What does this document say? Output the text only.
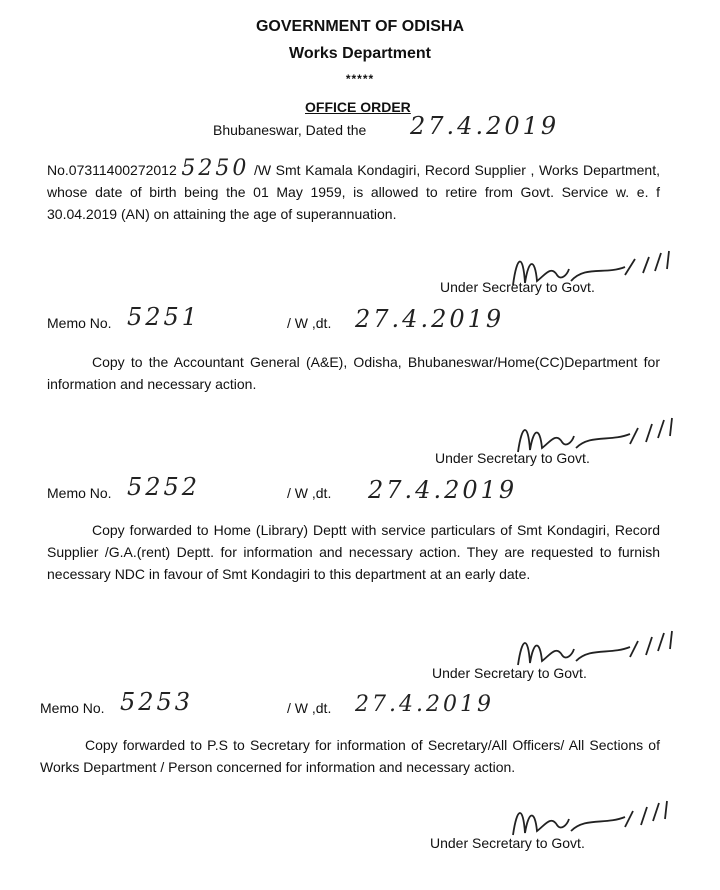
GOVERNMENT OF ODISHA
Works Department
*****
OFFICE ORDER
Bhubaneswar, Dated the 27.4.2019
No.07311400272012 5250 /W Smt Kamala Kondagiri, Record Supplier , Works Department, whose date of birth being the 01 May 1959, is allowed to retire from Govt. Service w. e. f 30.04.2019 (AN) on attaining the age of superannuation.
Under Secretary to Govt.
Memo No. 5251	/ W ,dt. 27.4.2019
Copy to the Accountant General (A&E), Odisha, Bhubaneswar/Home(CC)Department for information and necessary action.
Under Secretary to Govt.
Memo No. 5252	/ W ,dt. 27.4.2019
Copy forwarded to Home (Library) Deptt with service particulars of Smt Kondagiri, Record Supplier /G.A.(rent) Deptt. for information and necessary action. They are requested to furnish necessary NDC in favour of Smt Kondagiri to this department at an early date.
Under Secretary to Govt.
Memo No. 5253	/ W ,dt. 27.4.2019
Copy forwarded to P.S to Secretary for information of Secretary/All Officers/ All Sections of Works Department / Person concerned for information and necessary action.
Under Secretary to Govt.
